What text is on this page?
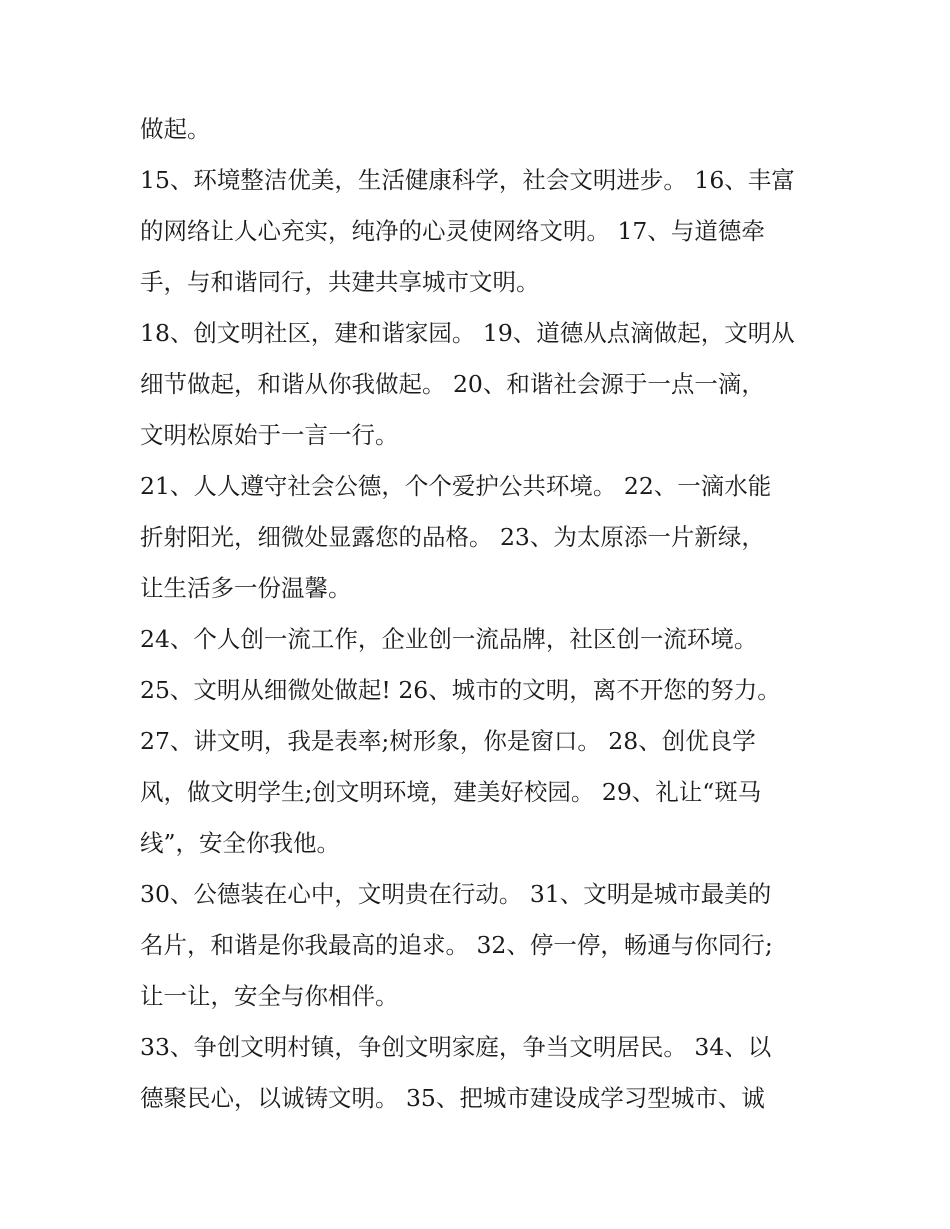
做起。
15、环境整洁优美，生活健康科学，社会文明进步。 16、丰富
的网络让人心充实，纯净的心灵使网络文明。 17、与道德牵
手，与和谐同行，共建共享城市文明。
18、创文明社区，建和谐家园。 19、道德从点滴做起，文明从
细节做起，和谐从你我做起。 20、和谐社会源于一点一滴，
文明松原始于一言一行。
21、人人遵守社会公德，个个爱护公共环境。 22、一滴水能
折射阳光，细微处显露您的品格。 23、为太原添一片新绿，
让生活多一份温馨。
24、个人创一流工作，企业创一流品牌，社区创一流环境。
25、文明从细微处做起! 26、城市的文明，离不开您的努力。
27、讲文明，我是表率;树形象，你是窗口。 28、创优良学
风，做文明学生;创文明环境，建美好校园。 29、礼让“斑马
线”，安全你我他。
30、公德装在心中，文明贵在行动。 31、文明是城市最美的
名片，和谐是你我最高的追求。 32、停一停，畅通与你同行;
让一让，安全与你相伴。
33、争创文明村镇，争创文明家庭，争当文明居民。 34、以
德聚民心，以诚铸文明。 35、把城市建设成学习型城市、诚
